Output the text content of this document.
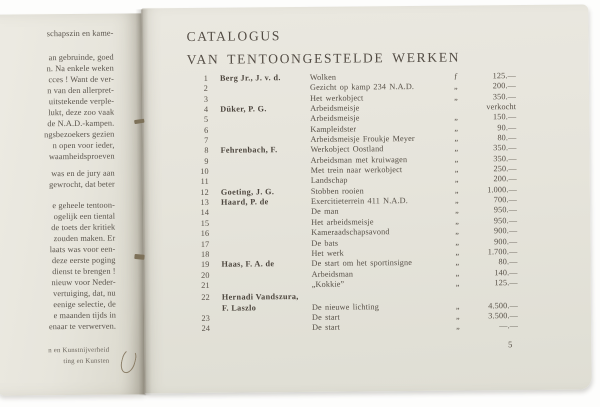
schapszin en kame-
an gebruinde, goed
n. Na enkele weken
cces ! Want de ver-
n van den allerpret-
uitstekende verple-
lukt, deze zoo vaak
de N.A.D.-kampen.
ngsbezoekers gezien
n open voor ieder,
waamheidsproeven
was en de jury aan
gewrocht, dat beter
e geheele tentoon-
ogelijk een tiental
de toets der kritiek
zouden maken. Er
laats was voor een-
deze eerste poging
dienst te brengen !
nieuw voor Neder-
vertuiging, dat, nu
eenige selectie, de
e maanden tijds in
enaar te verwerven.
n en Kunstnijverheid
ting en Kunsten
CATALOGUS
VAN TENTOONGESTELDE WERKEN
1 Berg Jr., J. v. d.	Wolken	ƒ	125.—
2	Gezicht op kamp 234 N.A.D.	„	200.—
3	Het werkobject	„	350.—
4 Düker, P. G.	Arbeidsmeisje	verkocht
5	Arbeidsmeisje	„	150.—
6	Kampleidster	„	90.—
7	Arbeidsmeisje Froukje Meyer	„	80.—
8 Fehrenbach, F.	Werkobject Oostland	„	350.—
9	Arbeidsman met kruiwagen	„	350.—
10	Met trein naar werkobject	„	250.—
11	Landschap	„	200.—
12 Goeting, J. G.	Stobben rooien	„	1.000.—
13 Haard, P. de	Exercitieterrein 411 N.A.D.	„	700.—
14	De man	„	950.—
15	Het arbeidsmeisje	„	950.—
16	Kameraadschapsavond	„	900.—
17	De bats	„	900.—
18	Het werk	„	1.700.—
19 Haas, F. A. de	De start om het sportinsigne	„	80.—
20	Arbeidsman	„	140.—
21	„Kokkie”	„	125.—
22 Hernadi Vandszura,
F. Laszlo	De nieuwe lichting	„	4.500.—
23	De start	„	3.500.—
24	De start	„	—.—
5
